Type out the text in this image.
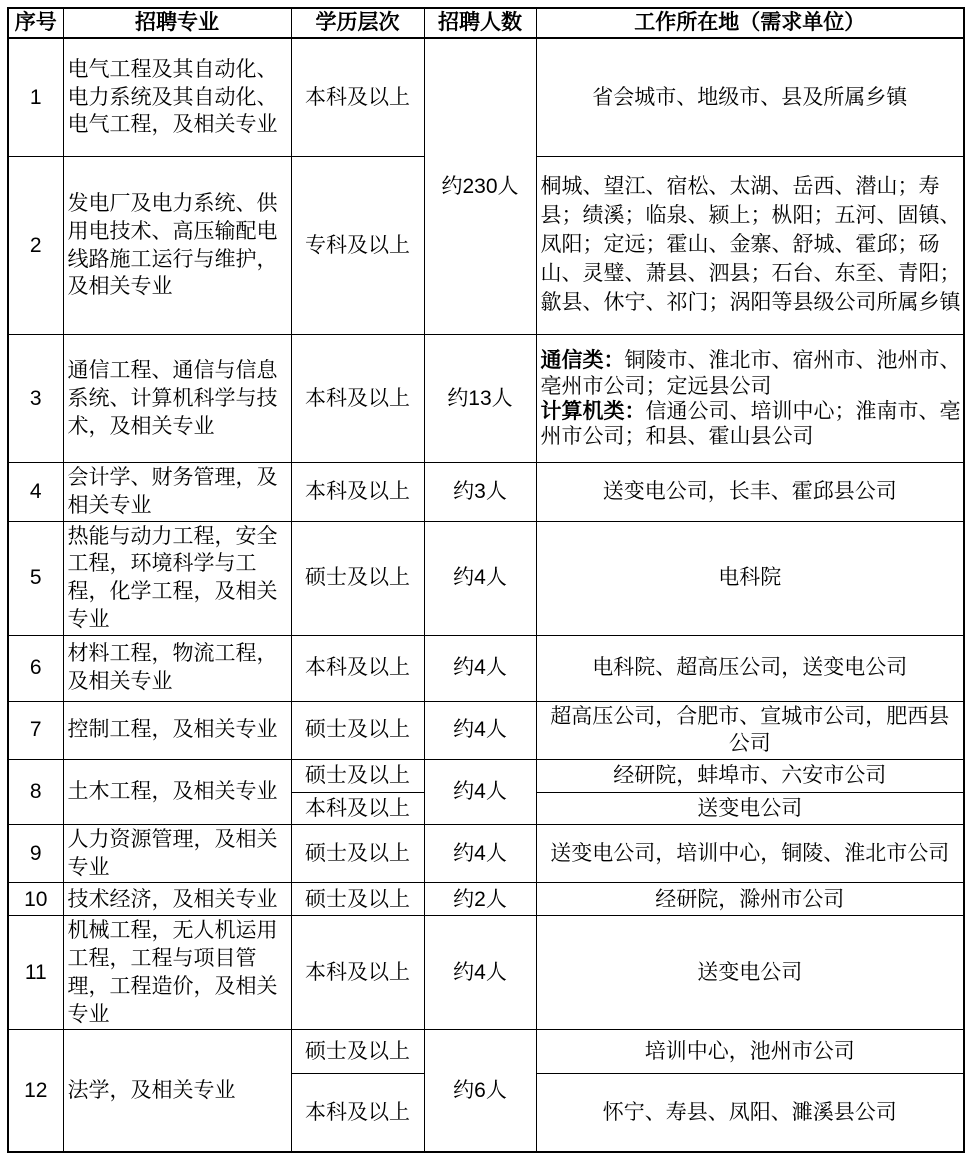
序号	招聘专业	学历层次	招聘人数	工作所在地（需求单位）
1	电气工程及其自动化、电力系统及其自动化、电气工程，及相关专业	本科及以上	约230人	省会城市、地级市、县及所属乡镇
2	发电厂及电力系统、供用电技术、高压输配电线路施工运行与维护，及相关专业	专科及以上		桐城、望江、宿松、太湖、岳西、潜山；寿县；绩溪；临泉、颍上；枞阳；五河、固镇、凤阳；定远；霍山、金寨、舒城、霍邱；砀山、灵璧、萧县、泗县；石台、东至、青阳；歙县、休宁、祁门；涡阳等县级公司所属乡镇
3	通信工程、通信与信息系统、计算机科学与技术，及相关专业	本科及以上	约13人	通信类：铜陵市、淮北市、宿州市、池州市、亳州市公司；定远县公司
计算机类：信通公司、培训中心；淮南市、亳州市公司；和县、霍山县公司

4	会计学、财务管理，及相关专业	本科及以上	约3人	送变电公司，长丰、霍邱县公司
5	热能与动力工程，安全工程，环境科学与工程，化学工程，及相关专业	硕士及以上	约4人	电科院
6	材料工程，物流工程，及相关专业	本科及以上	约4人	电科院、超高压公司，送变电公司
7	控制工程，及相关专业	硕士及以上	约4人	超高压公司，合肥市、宣城市公司，肥西县公司
8	土木工程，及相关专业	硕士及以上	约4人	经研院，蚌埠市、六安市公司
		本科及以上		送变电公司
9	人力资源管理，及相关专业	硕士及以上	约4人	送变电公司，培训中心，铜陵、淮北市公司
10	技术经济，及相关专业	硕士及以上	约2人	经研院，滁州市公司
11	机械工程，无人机运用工程，工程与项目管理，工程造价，及相关专业	本科及以上	约4人	送变电公司
12	法学，及相关专业	硕士及以上	约6人	培训中心，池州市公司
		本科及以上		怀宁、寿县、凤阳、濉溪县公司
